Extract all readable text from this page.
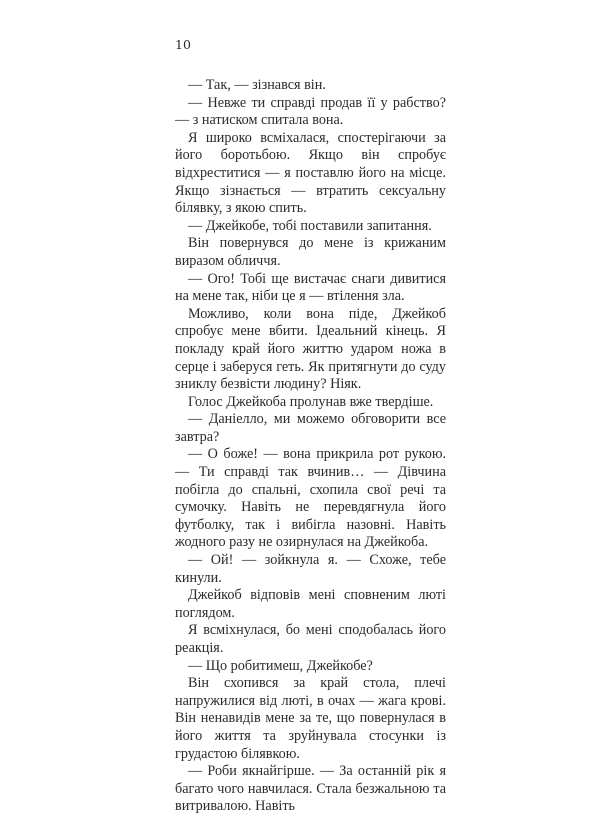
10

— Так, — зізнався він.

— Невже ти справді продав її у рабство? — з натиском спитала вона.

Я широко всміхалася, спостерігаючи за його боротьбою. Якщо він спробує відхреститися — я поставлю його на місце. Якщо зізнається — втратить сексуальну білявку, з якою спить.

— Джейкобе, тобі поставили запитання.

Він повернувся до мене із крижаним виразом обличчя.

— Ого! Тобі ще вистачає снаги дивитися на мене так, ніби це я — втілення зла.

Можливо, коли вона піде, Джейкоб спробує мене вбити. Ідеальний кінець. Я покладу край його життю ударом ножа в серце і заберуся геть. Як притягнути до суду зниклу безвісти людину? Ніяк.

Голос Джейкоба пролунав вже твердіше.

— Даніелло, ми можемо обговорити все завтра?

— О боже! — вона прикрила рот рукою. — Ти справді так вчинив… — Дівчина побігла до спальні, схопила свої речі та сумочку. Навіть не перевдягнула його футболку, так і вибігла назовні. Навіть жодного разу не озирнулася на Джейкоба.

— Ой! — зойкнула я. — Схоже, тебе кинули.

Джейкоб відповів мені сповненим люті поглядом.

Я всміхнулася, бо мені сподобалась його реакція.

— Що робитимеш, Джейкобе?

Він схопився за край стола, плечі напружилися від люті, в очах — жага крові. Він ненавидів мене за те, що повернулася в його життя та зруйнувала стосунки із грудастою білявкою.

— Роби якнайгірше. — За останній рік я багато чого навчилася. Стала безжальною та витривалою. Навіть
